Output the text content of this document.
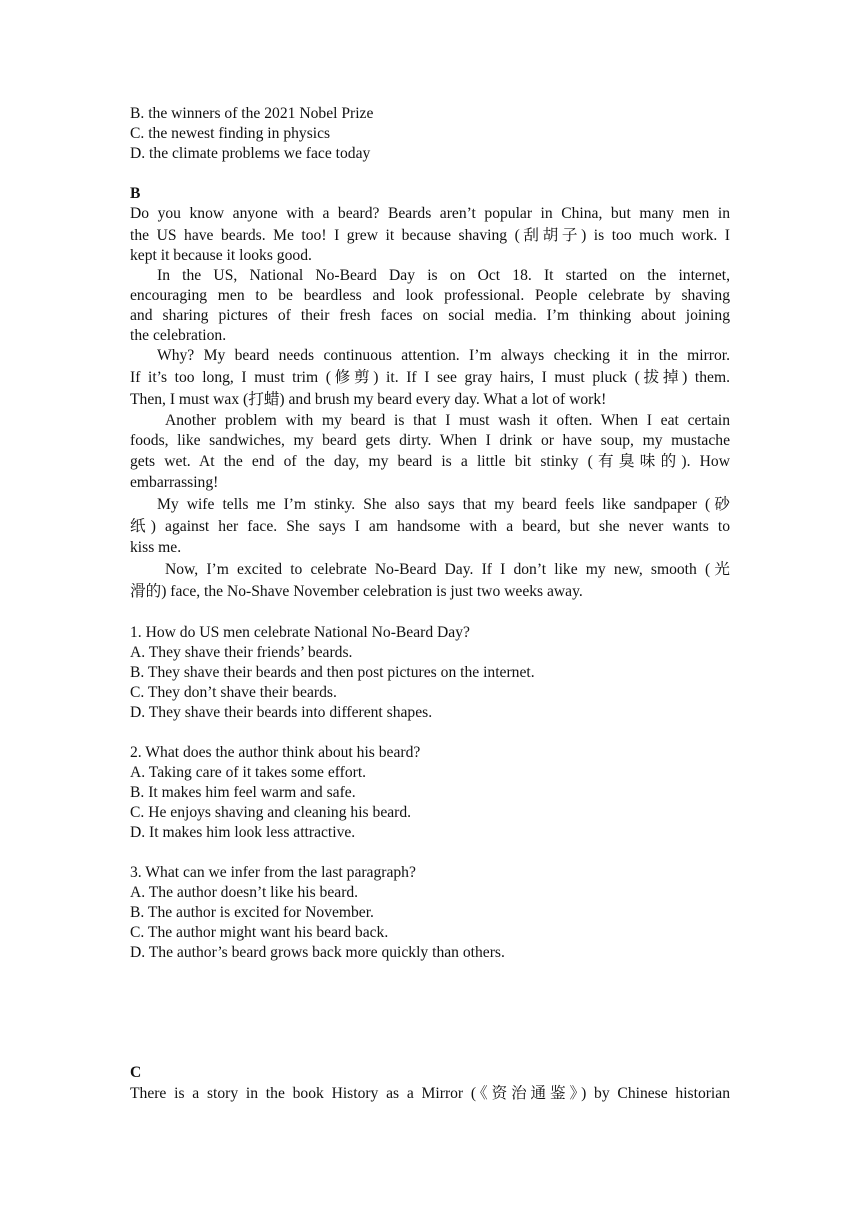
B. the winners of the 2021 Nobel Prize
C. the newest finding in physics
D. the climate problems we face today
B
Do you know anyone with a beard? Beards aren’t popular in China, but many men in
the US have beards. Me too! I grew it because shaving (刮胡子) is too much work. I
kept it because it looks good.
In the US, National No-Beard Day is on Oct 18. It started on the internet,
encouraging men to be beardless and look professional. People celebrate by shaving
and sharing pictures of their fresh faces on social media. I’m thinking about joining
the celebration.
Why? My beard needs continuous attention. I’m always checking it in the mirror.
If it’s too long, I must trim (修剪) it. If I see gray hairs, I must pluck (拔掉) them.
Then, I must wax (打蜡) and brush my beard every day. What a lot of work!
Another problem with my beard is that I must wash it often. When I eat certain
foods, like sandwiches, my beard gets dirty. When I drink or have soup, my mustache
gets wet. At the end of the day, my beard is a little bit stinky (有臭味的). How
embarrassing!
My wife tells me I’m stinky. She also says that my beard feels like sandpaper (砂
纸) against her face. She says I am handsome with a beard, but she never wants to
kiss me.
Now, I’m excited to celebrate No-Beard Day. If I don’t like my new, smooth (光
滑的) face, the No-Shave November celebration is just two weeks away.
1. How do US men celebrate National No-Beard Day?
A. They shave their friends’ beards.
B. They shave their beards and then post pictures on the internet.
C. They don’t shave their beards.
D. They shave their beards into different shapes.
2. What does the author think about his beard?
A. Taking care of it takes some effort.
B. It makes him feel warm and safe.
C. He enjoys shaving and cleaning his beard.
D. It makes him look less attractive.
3. What can we infer from the last paragraph?
A. The author doesn’t like his beard.
B. The author is excited for November.
C. The author might want his beard back.
D. The author’s beard grows back more quickly than others.
C
There is a story in the book History as a Mirror (《资治通鉴》) by Chinese historian
